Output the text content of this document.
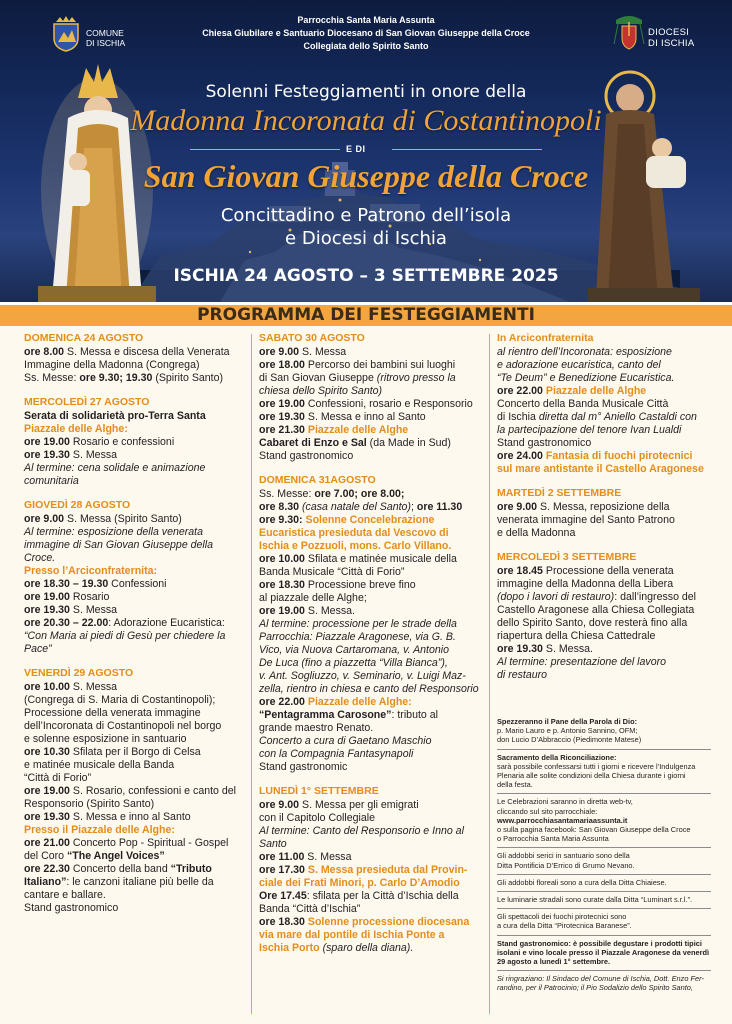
COMUNE
DI ISCHIA
Parrocchia Santa Maria Assunta
Chiesa Giubilare e Santuario Diocesano di San Giovan Giuseppe della Croce
Collegiata dello Spirito Santo
DIOCESI
DI ISCHIA
Solenni Festeggiamenti in onore della
Madonna Incoronata di Costantinopoli
E DI
San Giovan Giuseppe della Croce
Concittadino e Patrono dell’isola
e Diocesi di Ischia
ISCHIA 24 AGOSTO – 3 SETTEMBRE 2025
PROGRAMMA DEI FESTEGGIAMENTI
DOMENICA 24 AGOSTO
ore 8.00 S. Messa e discesa della Venerata
Immagine della Madonna (Congrega)
Ss. Messe: ore 9.30; 19.30 (Spirito Santo)
MERCOLEDÌ 27 AGOSTO
Serata di solidarietà pro-Terra Santa
Piazzale delle Alghe:
ore 19.00 Rosario e confessioni
ore 19.30 S. Messa
Al termine: cena solidale e animazione
comunitaria
GIOVEDÌ 28 AGOSTO
ore 9.00 S. Messa (Spirito Santo)
Al termine: esposizione della venerata
immagine di San Giovan Giuseppe della
Croce.
Presso l’Arciconfraternita:
ore 18.30 – 19.30 Confessioni
ore 19.00 Rosario
ore 19.30 S. Messa
ore 20.30 – 22.00: Adorazione Eucaristica:
“Con Maria ai piedi di Gesù per chiedere la
Pace”
VENERDÌ 29 AGOSTO
ore 10.00 S. Messa
(Congrega di S. Maria di Costantinopoli);
Processione della venerata immagine
dell’Incoronata di Costantinopoli nel borgo
e solenne esposizione in santuario
ore 10.30 Sfilata per il Borgo di Celsa
e matinée musicale della Banda
“Città di Forio”
ore 19.00 S. Rosario, confessioni e canto del
Responsorio (Spirito Santo)
ore 19.30 S. Messa e inno al Santo
Presso il Piazzale delle Alghe:
ore 21.00 Concerto Pop - Spiritual - Gospel
del Coro “The Angel Voices”
ore 22.30 Concerto della band “Tributo
Italiano”: le canzoni italiane più belle da
cantare e ballare.
Stand gastronomico
SABATO 30 AGOSTO
ore 9.00 S. Messa
ore 18.00 Percorso dei bambini sui luoghi
di San Giovan Giuseppe (ritrovo presso la
chiesa dello Spirito Santo)
ore 19.00 Confessioni, rosario e Responsorio
ore 19.30 S. Messa e inno al Santo
ore 21.30 Piazzale delle Alghe
Cabaret di Enzo e Sal (da Made in Sud)
Stand gastronomico
DOMENICA 31AGOSTO
Ss. Messe: ore 7.00; ore 8.00;
ore 8.30 (casa natale del Santo); ore 11.30
ore 9.30: Solenne Concelebrazione
Eucaristica presieduta dal Vescovo di
Ischia e Pozzuoli, mons. Carlo Villano.
ore 10.00 Sfilata e matinée musicale della
Banda Musicale “Città di Forio”
ore 18.30 Processione breve fino
al piazzale delle Alghe;
ore 19.00 S. Messa.
Al termine: processione per le strade della
Parrocchia: Piazzale Aragonese, via G. B.
Vico, via Nuova Cartaromana, v. Antonio
De Luca (fino a piazzetta “Villa Bianca”),
v. Ant. Sogliuzzo, v. Seminario, v. Luigi Maz-
zella, rientro in chiesa e canto del Responsorio
ore 22.00 Piazzale delle Alghe:
“Pentagramma Carosone”: tributo al
grande maestro Renato.
Concerto a cura di Gaetano Maschio
con la Compagnia Fantasynapoli
Stand gastronomic
LUNEDÌ 1° SETTEMBRE
ore 9.00 S. Messa per gli emigrati
con il Capitolo Collegiale
Al termine: Canto del Responsorio e Inno al
Santo
ore 11.00 S. Messa
ore 17.30 S. Messa presieduta dal Provin-
ciale dei Frati Minori, p. Carlo D’Amodio
Ore 17.45: sfilata per la Città d’Ischia della
Banda “Città d’Ischia”
ore 18.30 Solenne processione diocesana
via mare dal pontile di Ischia Ponte a
Ischia Porto (sparo della diana).
In Arciconfraternita
al rientro dell’Incoronata: esposizione
e adorazione eucaristica, canto del
“Te Deum” e Benedizione Eucaristica.
ore 22.00 Piazzale delle Alghe
Concerto della Banda Musicale Città
di Ischia diretta dal m° Aniello Castaldi con
la partecipazione del tenore Ivan Lualdi
Stand gastronomico
ore 24.00 Fantasia di fuochi pirotecnici
sul mare antistante il Castello Aragonese
MARTEDÌ 2 SETTEMBRE
ore 9.00 S. Messa, reposizione della
venerata immagine del Santo Patrono
e della Madonna
MERCOLEDÌ 3 SETTEMBRE
ore 18.45 Processione della venerata
immagine della Madonna della Libera
(dopo i lavori di restauro): dall’ingresso del
Castello Aragonese alla Chiesa Collegiata
dello Spirito Santo, dove resterà fino alla
riapertura della Chiesa Cattedrale
ore 19.30 S. Messa.
Al termine: presentazione del lavoro
di restauro
Spezzeranno il Pane della Parola di Dio:
p. Mario Lauro e p. Antonio Sannino, OFM;
don Lucio D’Abbraccio (Piedimonte Matese)
Sacramento della Riconciliazione:
sarà possibile confessarsi tutti i giorni e ricevere l’Indulgenza
Plenaria alle solite condizioni della Chiesa durante i giorni
della festa.
Le Celebrazioni saranno in diretta web-tv,
cliccando sul sito parrocchiale:
www.parrocchiasantamariaassunta.it
o sulla pagina facebook: San Giovan Giuseppe della Croce
o Parrocchia Santa Maria Assunta
Gli addobbi serici in santuario sono della
Ditta Pontificia D’Errico di Grumo Nevano.
Gli addobbi floreali sono a cura della Ditta Chiaiese.
Le luminarie stradali sono curate dalla Ditta “Luminart s.r.l.”.
Gli spettacoli dei fuochi pirotecnici sono
a cura della Ditta “Pirotecnica Baranese”.
Stand gastronomico: è possibile degustare i prodotti tipici
isolani e vino locale presso il Piazzale Aragonese da venerdì
29 agosto a lunedì 1° settembre.
Si ringraziano: Il Sindaco del Comune di Ischia, Dott. Enzo Fer-
randino, per il Patrocinio; il Pio Sodalizio dello Spirito Santo,
